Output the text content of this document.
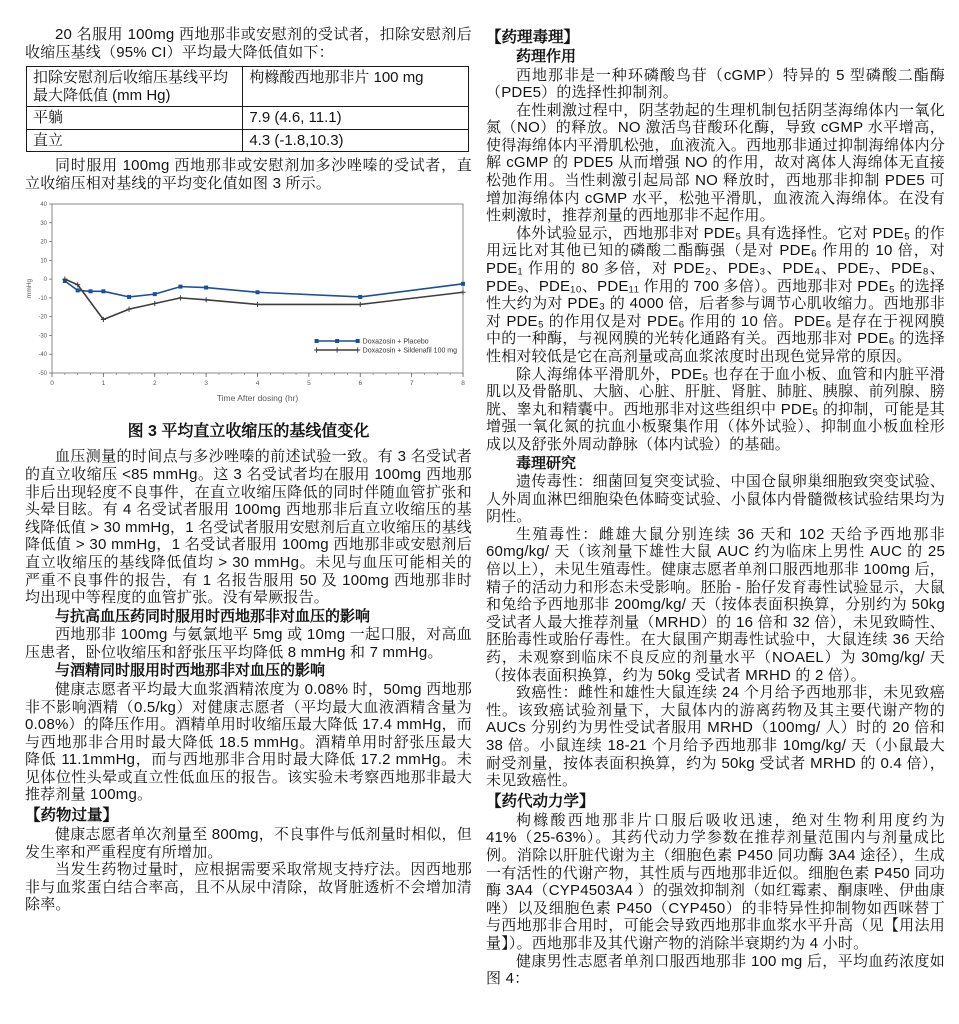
20 名服用 100mg 西地那非或安慰剂的受试者，扣除安慰剂后收缩压基线（95% CI）平均最大降低值如下：

扣除安慰剂后收缩压基线平均最大降低值 (mm Hg)	枸橼酸西地那非片 100 mg
平躺	7.9 (4.6, 11.1)
直立	4.3 (-1.8,10.3)

同时服用 100mg 西地那非或安慰剂加多沙唑嗪的受试者，直立收缩压相对基线的平均变化值如图 3 所示。

40
30
20
10
0
-10
-20
-30
-40
-50
0	1	2	3	4	5	6	7	8
Time After dosing (hr)
mmHg
Doxazosin + Placebo
Doxazosin + Sildenafil 100 mg
图 3 平均直立收缩压的基线值变化

血压测量的时间点与多沙唑嗪的前述试验一致。有 3 名受试者的直立收缩压 <85 mmHg。这 3 名受试者均在服用 100mg 西地那非后出现轻度不良事件，在直立收缩压降低的同时伴随血管扩张和头晕目眩。有 4 名受试者服用 100mg 西地那非后直立收缩压的基线降低值 > 30 mmHg，1 名受试者服用安慰剂后直立收缩压的基线降低值 > 30 mmHg，1 名受试者服用 100mg 西地那非或安慰剂后直立收缩压的基线降低值均 > 30 mmHg。未见与血压可能相关的严重不良事件的报告，有 1 名报告服用 50 及 100mg 西地那非时均出现中等程度的血管扩张。没有晕厥报告。

与抗高血压药同时服用时西地那非对血压的影响

西地那非 100mg 与氨氯地平 5mg 或 10mg 一起口服，对高血压患者，卧位收缩压和舒张压平均降低 8 mmHg 和 7 mmHg。

与酒精同时服用时西地那非对血压的影响

健康志愿者平均最大血浆酒精浓度为 0.08% 时，50mg 西地那非不影响酒精（0.5/kg）对健康志愿者（平均最大血液酒精含量为 0.08%）的降压作用。酒精单用时收缩压最大降低 17.4 mmHg，而与西地那非合用时最大降低 18.5 mmHg。酒精单用时舒张压最大降低 11.1mmHg，而与西地那非合用时最大降低 17.2 mmHg。未见体位性头晕或直立性低血压的报告。该实验未考察西地那非最大推荐剂量 100mg。

【药物过量】

健康志愿者单次剂量至 800mg，不良事件与低剂量时相似，但发生率和严重程度有所增加。

当发生药物过量时，应根据需要采取常规支持疗法。因西地那非与血浆蛋白结合率高，且不从尿中清除，故肾脏透析不会增加清除率。

【药理毒理】

药理作用

西地那非是一种环磷酸鸟苷（cGMP）特异的 5 型磷酸二酯酶（PDE5）的选择性抑制剂。

在性刺激过程中，阴茎勃起的生理机制包括阴茎海绵体内一氧化氮（NO）的释放。NO 激活鸟苷酸环化酶，导致 cGMP 水平增高，使得海绵体内平滑肌松弛，血液流入。西地那非通过抑制海绵体内分解 cGMP 的 PDE5 从而增强 NO 的作用，故对离体人海绵体无直接松弛作用。当性刺激引起局部 NO 释放时，西地那非抑制 PDE5 可增加海绵体内 cGMP 水平，松弛平滑肌，血液流入海绵体。在没有性刺激时，推荐剂量的西地那非不起作用。

体外试验显示，西地那非对 PDE₅ 具有选择性。它对 PDE₅ 的作用远比对其他已知的磷酸二酯酶强（是对 PDE₆ 作用的 10 倍，对 PDE₁ 作用的 80 多倍，对 PDE₂、PDE₃、PDE₄、PDE₇、PDE₈、PDE₉、PDE₁₀、PDE₁₁ 作用的 700 多倍）。西地那非对 PDE₅ 的选择性大约为对 PDE₃ 的 4000 倍，后者参与调节心肌收缩力。西地那非对 PDE₅ 的作用仅是对 PDE₆ 作用的 10 倍。PDE₆ 是存在于视网膜中的一种酶，与视网膜的光转化通路有关。西地那非对 PDE₆ 的选择性相对较低是它在高剂量或高血浆浓度时出现色觉异常的原因。

除人海绵体平滑肌外，PDE₅ 也存在于血小板、血管和内脏平滑肌以及骨骼肌、大脑、心脏、肝脏、肾脏、肺脏、胰腺、前列腺、膀胱、睾丸和精囊中。西地那非对这些组织中 PDE₅ 的抑制，可能是其增强一氧化氮的抗血小板聚集作用（体外试验）、抑制血小板血栓形成以及舒张外周动静脉（体内试验）的基础。

毒理研究

遗传毒性：细菌回复突变试验、中国仓鼠卵巢细胞致突变试验、人外周血淋巴细胞染色体畸变试验、小鼠体内骨髓微核试验结果均为阴性。

生殖毒性：雌雄大鼠分别连续 36 天和 102 天给予西地那非 60mg/kg/ 天（该剂量下雄性大鼠 AUC 约为临床上男性 AUC 的 25 倍以上），未见生殖毒性。健康志愿者单剂口服西地那非 100mg 后，精子的活动力和形态未受影响。胚胎 - 胎仔发育毒性试验显示，大鼠和兔给予西地那非 200mg/kg/ 天（按体表面积换算，分别约为 50kg 受试者人最大推荐剂量（MRHD）的 16 倍和 32 倍），未见致畸性、胚胎毒性或胎仔毒性。在大鼠围产期毒性试验中，大鼠连续 36 天给药，未观察到临床不良反应的剂量水平（NOAEL）为 30mg/kg/ 天（按体表面积换算，约为 50kg 受试者 MRHD 的 2 倍）。

致癌性：雌性和雄性大鼠连续 24 个月给予西地那非，未见致癌性。该致癌试验剂量下，大鼠体内的游离药物及其主要代谢产物的 AUCs 分别约为男性受试者服用 MRHD（100mg/ 人）时的 20 倍和 38 倍。小鼠连续 18-21 个月给予西地那非 10mg/kg/ 天（小鼠最大耐受剂量，按体表面积换算，约为 50kg 受试者 MRHD 的 0.4 倍），未见致癌性。

【药代动力学】

枸橼酸西地那非片口服后吸收迅速，绝对生物利用度约为 41%（25-63%）。其药代动力学参数在推荐剂量范围内与剂量成比例。消除以肝脏代谢为主（细胞色素 P450 同功酶 3A4 途径），生成一有活性的代谢产物，其性质与西地那非近似。细胞色素 P450 同功酶 3A4（CYP4503A4 ）的强效抑制剂（如红霉素、酮康唑、伊曲康唑）以及细胞色素 P450（CYP450）的非特异性抑制物如西咪替丁与西地那非合用时，可能会导致西地那非血浆水平升高（见【用法用量】）。西地那非及其代谢产物的消除半衰期约为 4 小时。

健康男性志愿者单剂口服西地那非 100 mg 后，平均血药浓度如图 4：
